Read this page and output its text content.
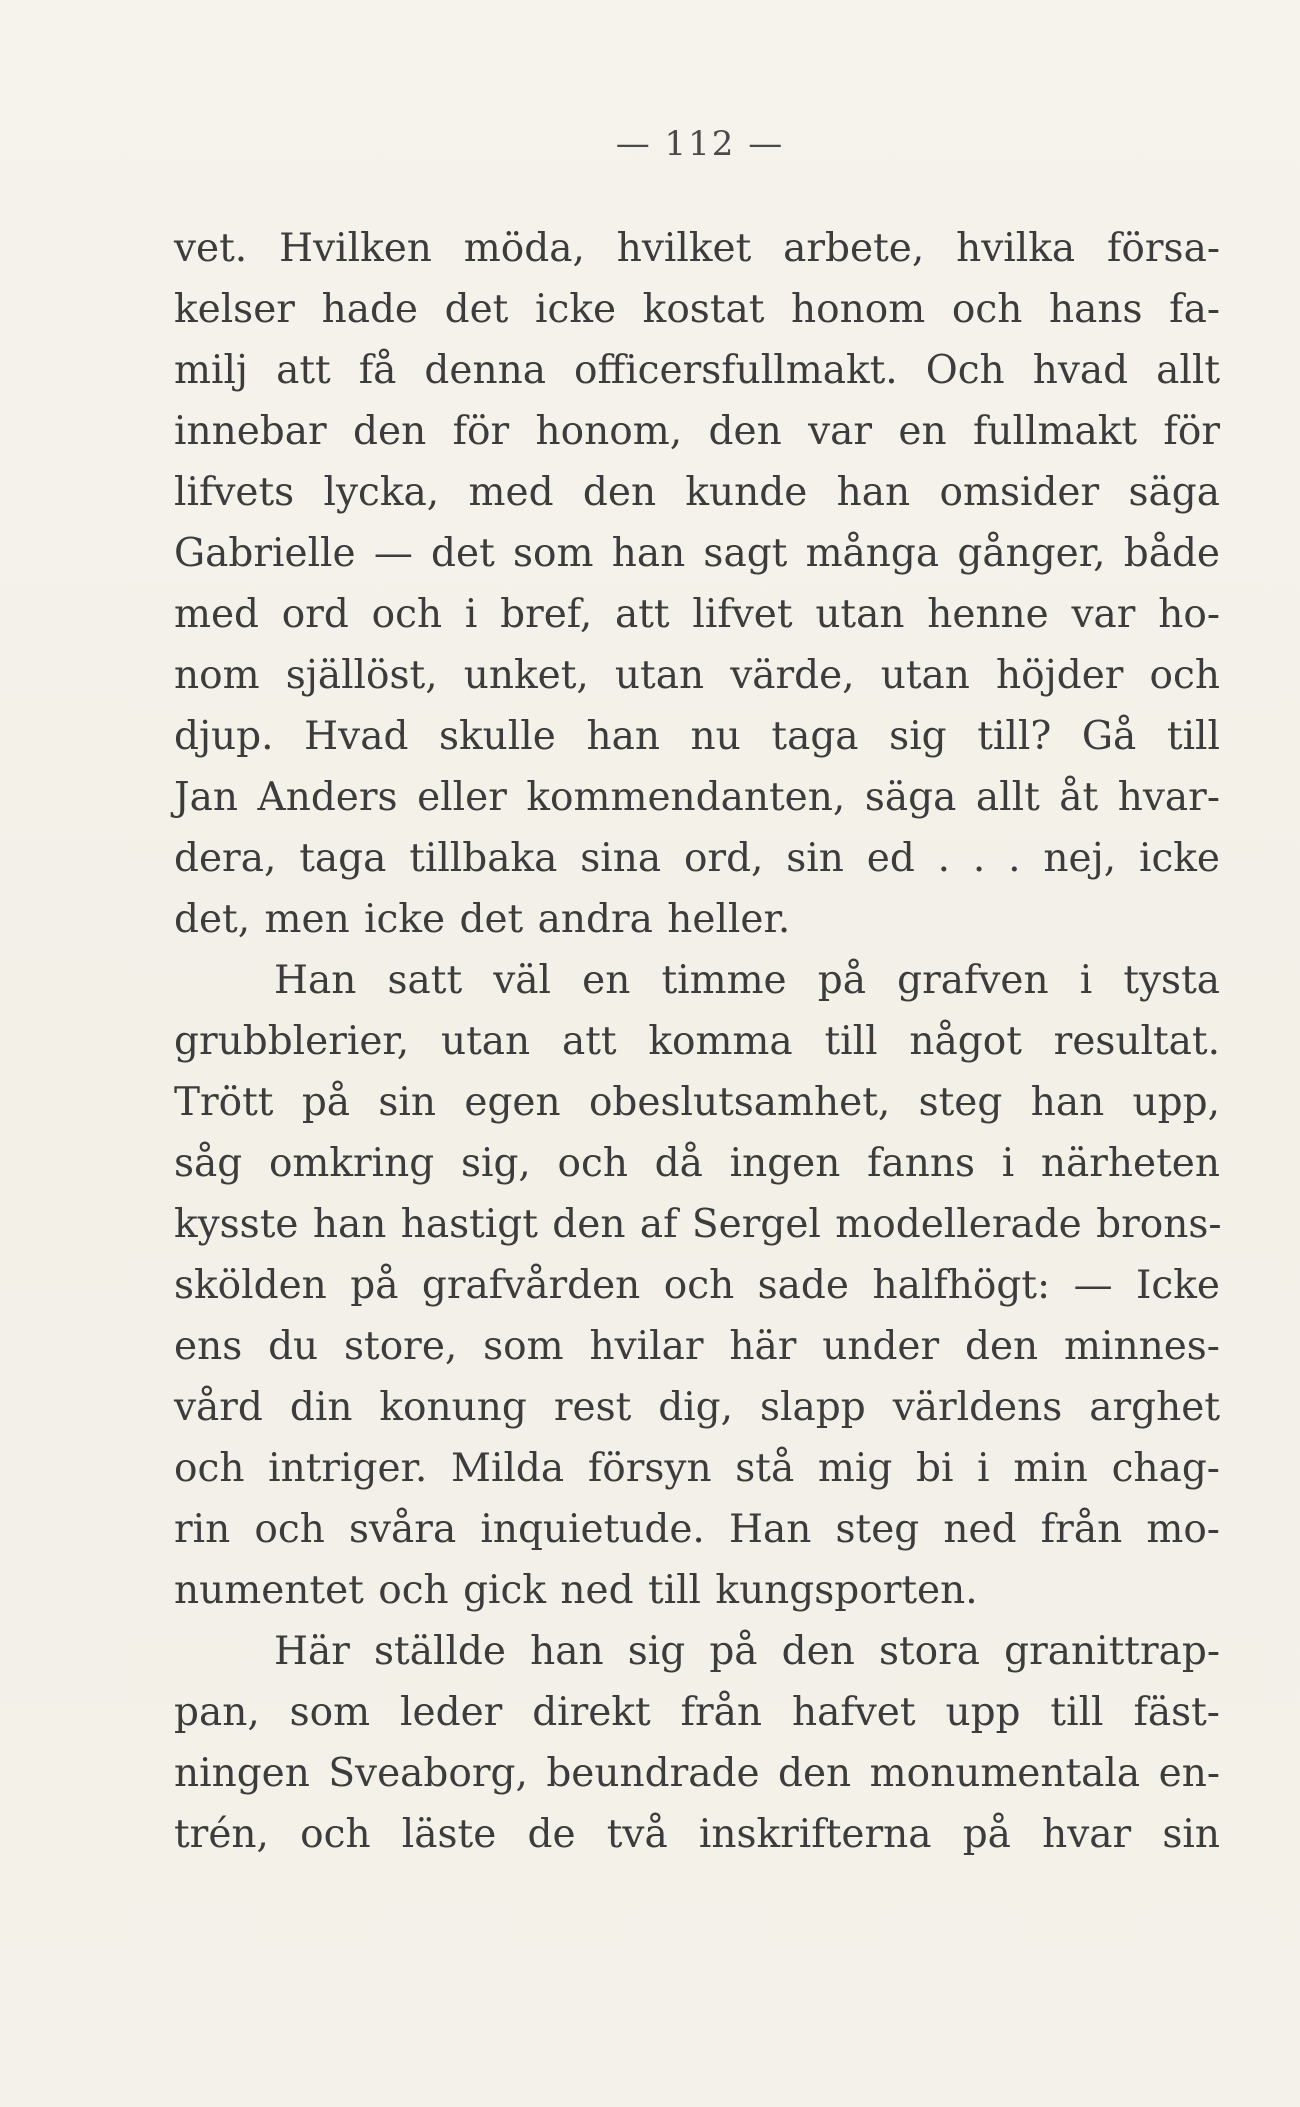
— 112 —
vet. Hvilken möda, hvilket arbete, hvilka försa-
kelser hade det icke kostat honom och hans fa-
milj att få denna officersfullmakt. Och hvad allt
innebar den för honom, den var en fullmakt för
lifvets lycka, med den kunde han omsider säga
Gabrielle — det som han sagt många gånger, både
med ord och i bref, att lifvet utan henne var ho-
nom själlöst, unket, utan värde, utan höjder och
djup. Hvad skulle han nu taga sig till? Gå till
Jan Anders eller kommendanten, säga allt åt hvar-
dera, taga tillbaka sina ord, sin ed . . . nej, icke
det, men icke det andra heller.
Han satt väl en timme på grafven i tysta
grubblerier, utan att komma till något resultat.
Trött på sin egen obeslutsamhet, steg han upp,
såg omkring sig, och då ingen fanns i närheten
kysste han hastigt den af Sergel modellerade brons-
skölden på grafvården och sade halfhögt: — Icke
ens du store, som hvilar här under den minnes-
vård din konung rest dig, slapp världens arghet
och intriger. Milda försyn stå mig bi i min chag-
rin och svåra inquietude. Han steg ned från mo-
numentet och gick ned till kungsporten.
Här ställde han sig på den stora granittrap-
pan, som leder direkt från hafvet upp till fäst-
ningen Sveaborg, beundrade den monumentala en-
trén, och läste de två inskrifterna på hvar sin
